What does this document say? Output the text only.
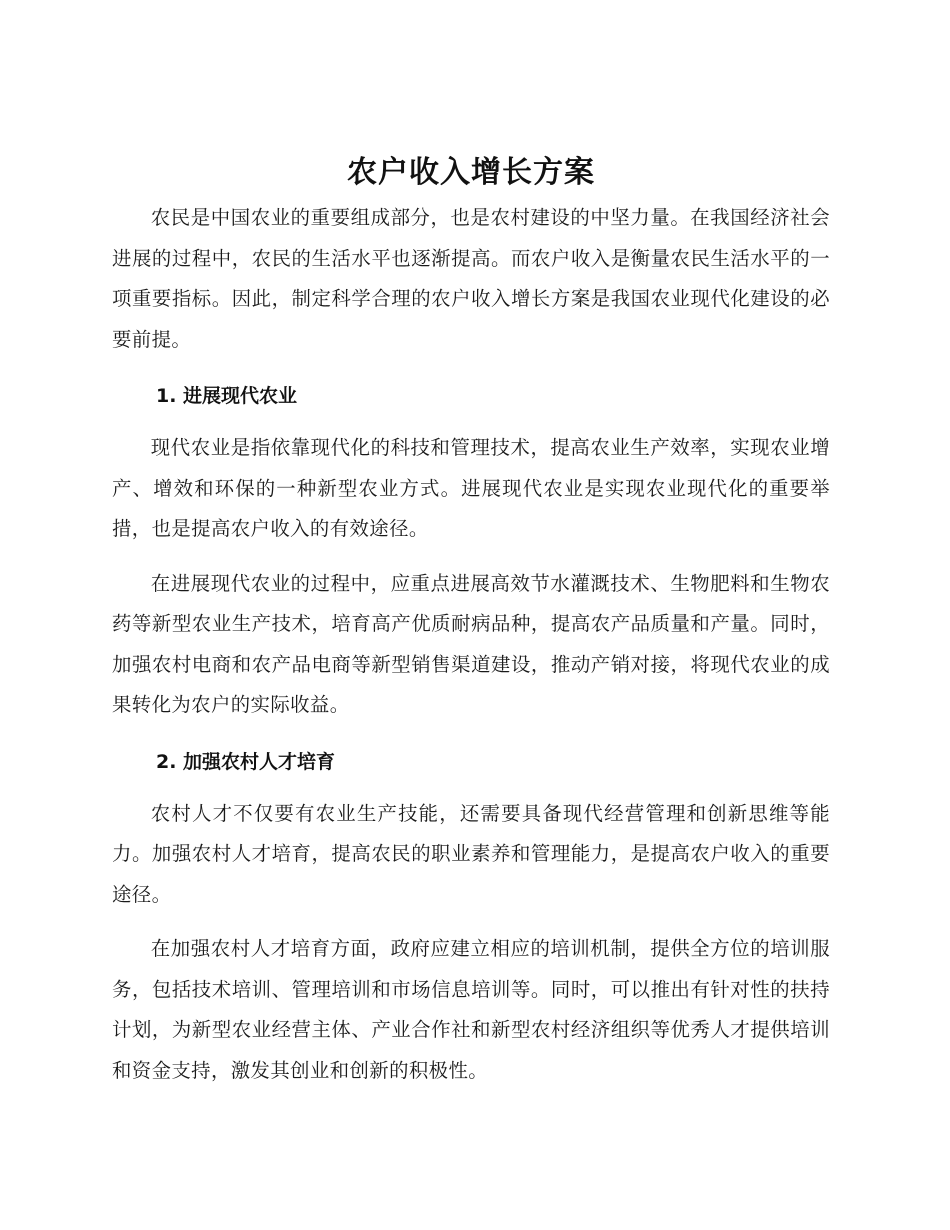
农户收入增长方案

农民是中国农业的重要组成部分，也是农村建设的中坚力量。在我国经济社会进展的过程中，农民的生活水平也逐渐提高。而农户收入是衡量农民生活水平的一项重要指标。因此，制定科学合理的农户收入增长方案是我国农业现代化建设的必要前提。

1. 进展现代农业

现代农业是指依靠现代化的科技和管理技术，提高农业生产效率，实现农业增产、增效和环保的一种新型农业方式。进展现代农业是实现农业现代化的重要举措，也是提高农户收入的有效途径。

在进展现代农业的过程中，应重点进展高效节水灌溉技术、生物肥料和生物农药等新型农业生产技术，培育高产优质耐病品种，提高农产品质量和产量。同时，加强农村电商和农产品电商等新型销售渠道建设，推动产销对接，将现代农业的成果转化为农户的实际收益。

2. 加强农村人才培育

农村人才不仅要有农业生产技能，还需要具备现代经营管理和创新思维等能力。加强农村人才培育，提高农民的职业素养和管理能力，是提高农户收入的重要途径。

在加强农村人才培育方面，政府应建立相应的培训机制，提供全方位的培训服务，包括技术培训、管理培训和市场信息培训等。同时，可以推出有针对性的扶持计划，为新型农业经营主体、产业合作社和新型农村经济组织等优秀人才提供培训和资金支持，激发其创业和创新的积极性。
